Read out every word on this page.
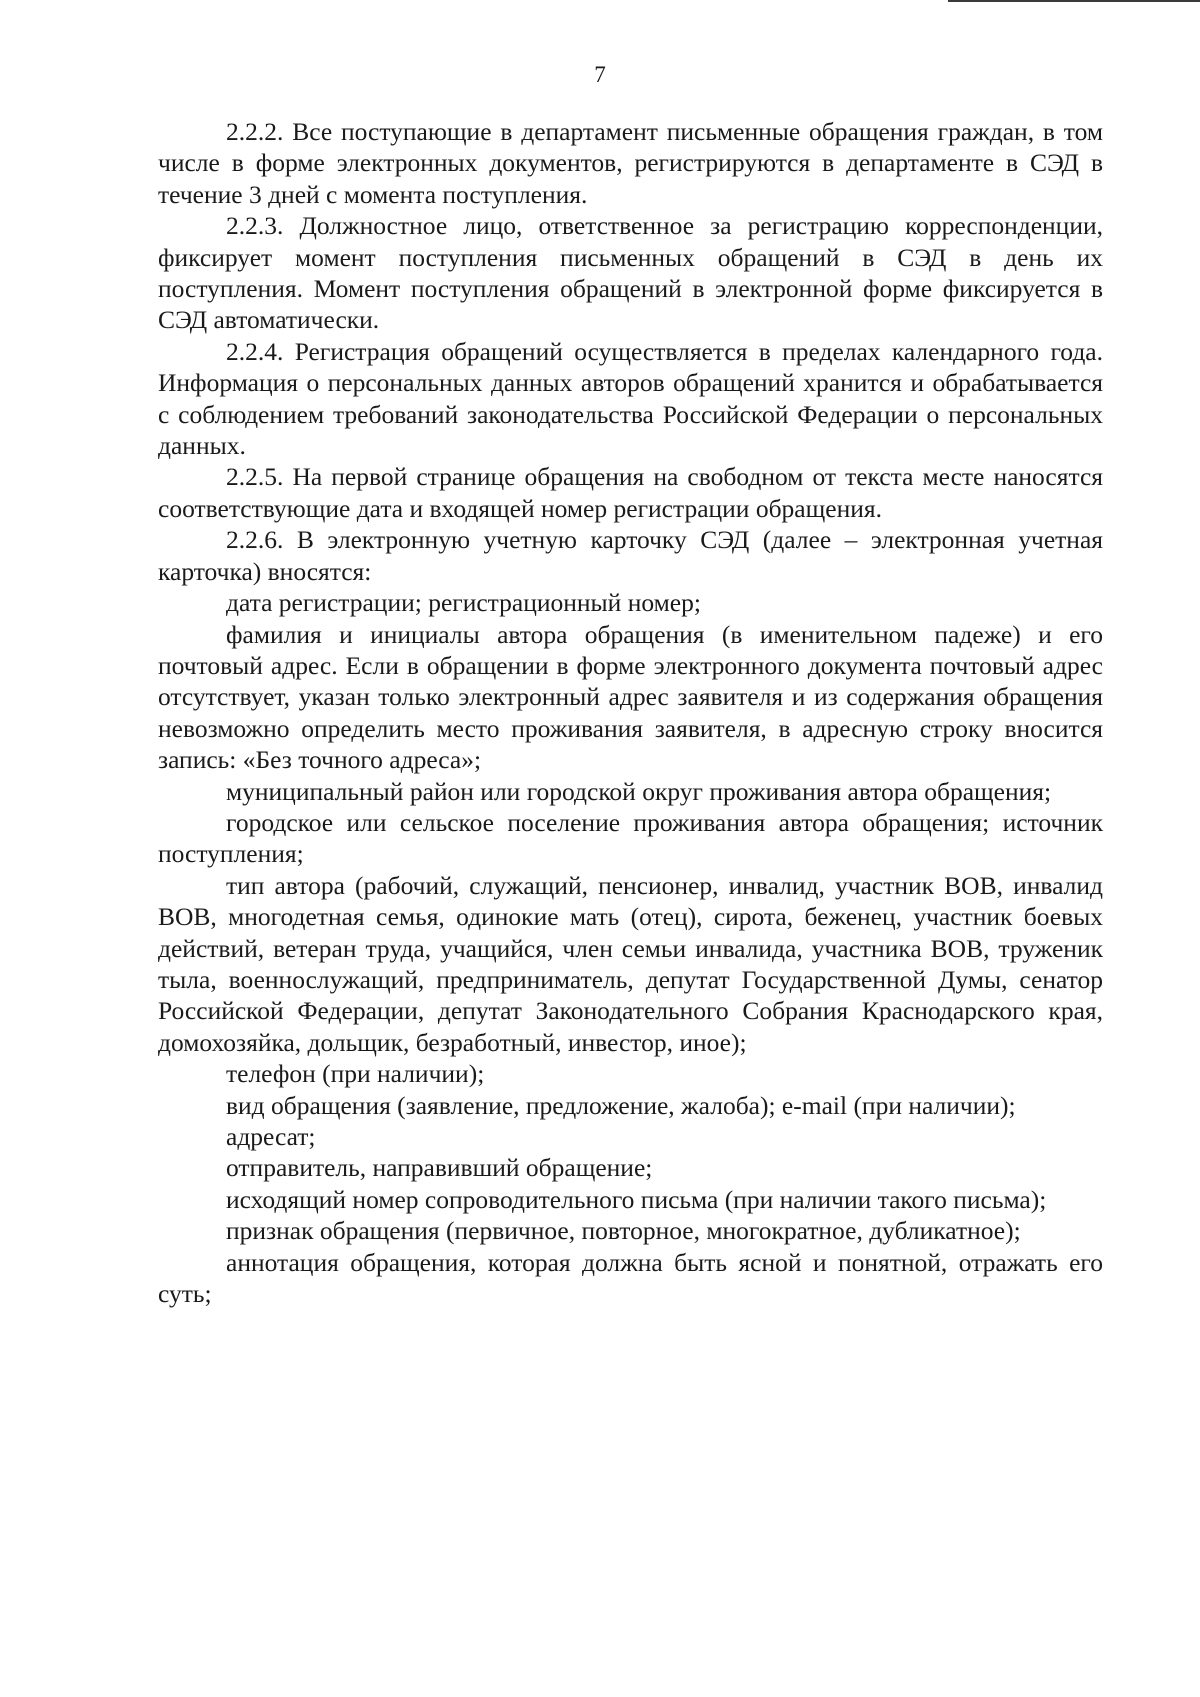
7

2.2.2. Все поступающие в департамент письменные обращения граждан, в том числе в форме электронных документов, регистрируются в департаменте в СЭД в течение 3 дней с момента поступления.

2.2.3. Должностное лицо, ответственное за регистрацию корреспонденции, фиксирует момент поступления письменных обращений в СЭД в день их поступления. Момент поступления обращений в электронной форме фиксируется в СЭД автоматически.

2.2.4. Регистрация обращений осуществляется в пределах календарного года. Информация о персональных данных авторов обращений хранится и обрабатывается с соблюдением требований законодательства Российской Федерации о персональных данных.

2.2.5. На первой странице обращения на свободном от текста месте наносятся соответствующие дата и входящей номер регистрации обращения.

2.2.6. В электронную учетную карточку СЭД (далее – электронная учетная карточка) вносятся:

дата регистрации; регистрационный номер;

фамилия и инициалы автора обращения (в именительном падеже) и его почтовый адрес. Если в обращении в форме электронного документа почтовый адрес отсутствует, указан только электронный адрес заявителя и из содержания обращения невозможно определить место проживания заявителя, в адресную строку вносится запись: «Без точного адреса»;

муниципальный район или городской округ проживания автора обращения;

городское или сельское поселение проживания автора обращения; источник поступления;

тип автора (рабочий, служащий, пенсионер, инвалид, участник ВОВ, инвалид ВОВ, многодетная семья, одинокие мать (отец), сирота, беженец, участник боевых действий, ветеран труда, учащийся, член семьи инвалида, участника ВОВ, труженик тыла, военнослужащий, предприниматель, депутат Государственной Думы, сенатор Российской Федерации, депутат Законодательного Собрания Краснодарского края, домохозяйка, дольщик, безработный, инвестор, иное);

телефон (при наличии);

вид обращения (заявление, предложение, жалоба); e-mail (при наличии);

адресат;

отправитель, направивший обращение;

исходящий номер сопроводительного письма (при наличии такого письма);

признак обращения (первичное, повторное, многократное, дубликатное);

аннотация обращения, которая должна быть ясной и понятной, отражать его суть;
